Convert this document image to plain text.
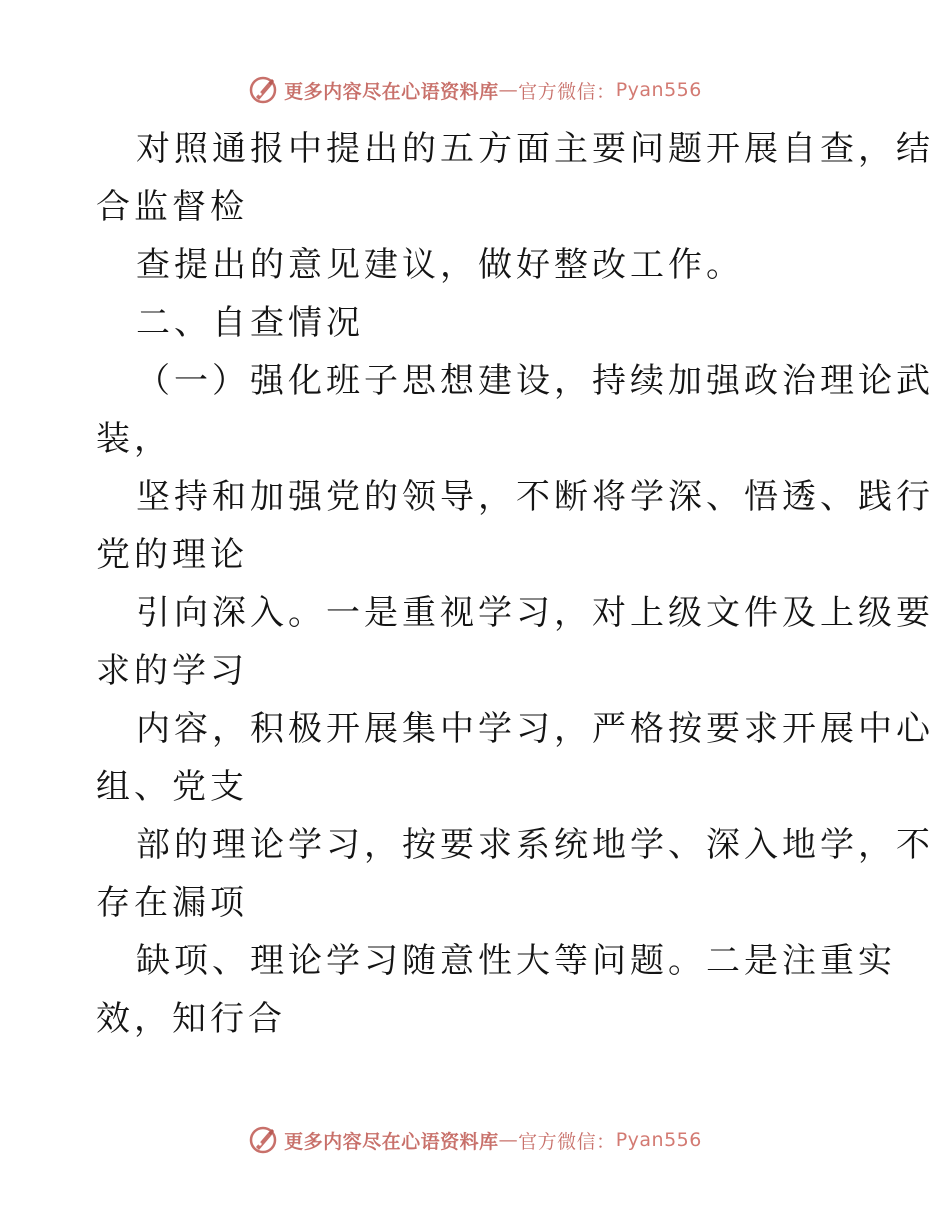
更多内容尽在心语资料库 — 官方微信： Pyan556
对照通报中提出的五方面主要问题开展自查，结
合监督检
查提出的意见建议，做好整改工作。
二、自查情况
（一）强化班子思想建设，持续加强政治理论武
装，
坚持和加强党的领导，不断将学深、悟透、践行
党的理论
引向深入。一是重视学习，对上级文件及上级要
求的学习
内容，积极开展集中学习，严格按要求开展中心
组、党支
部的理论学习，按要求系统地学、深入地学，不
存在漏项
缺项、理论学习随意性大等问题。二是注重实
效，知行合
更多内容尽在心语资料库 — 官方微信： Pyan556
